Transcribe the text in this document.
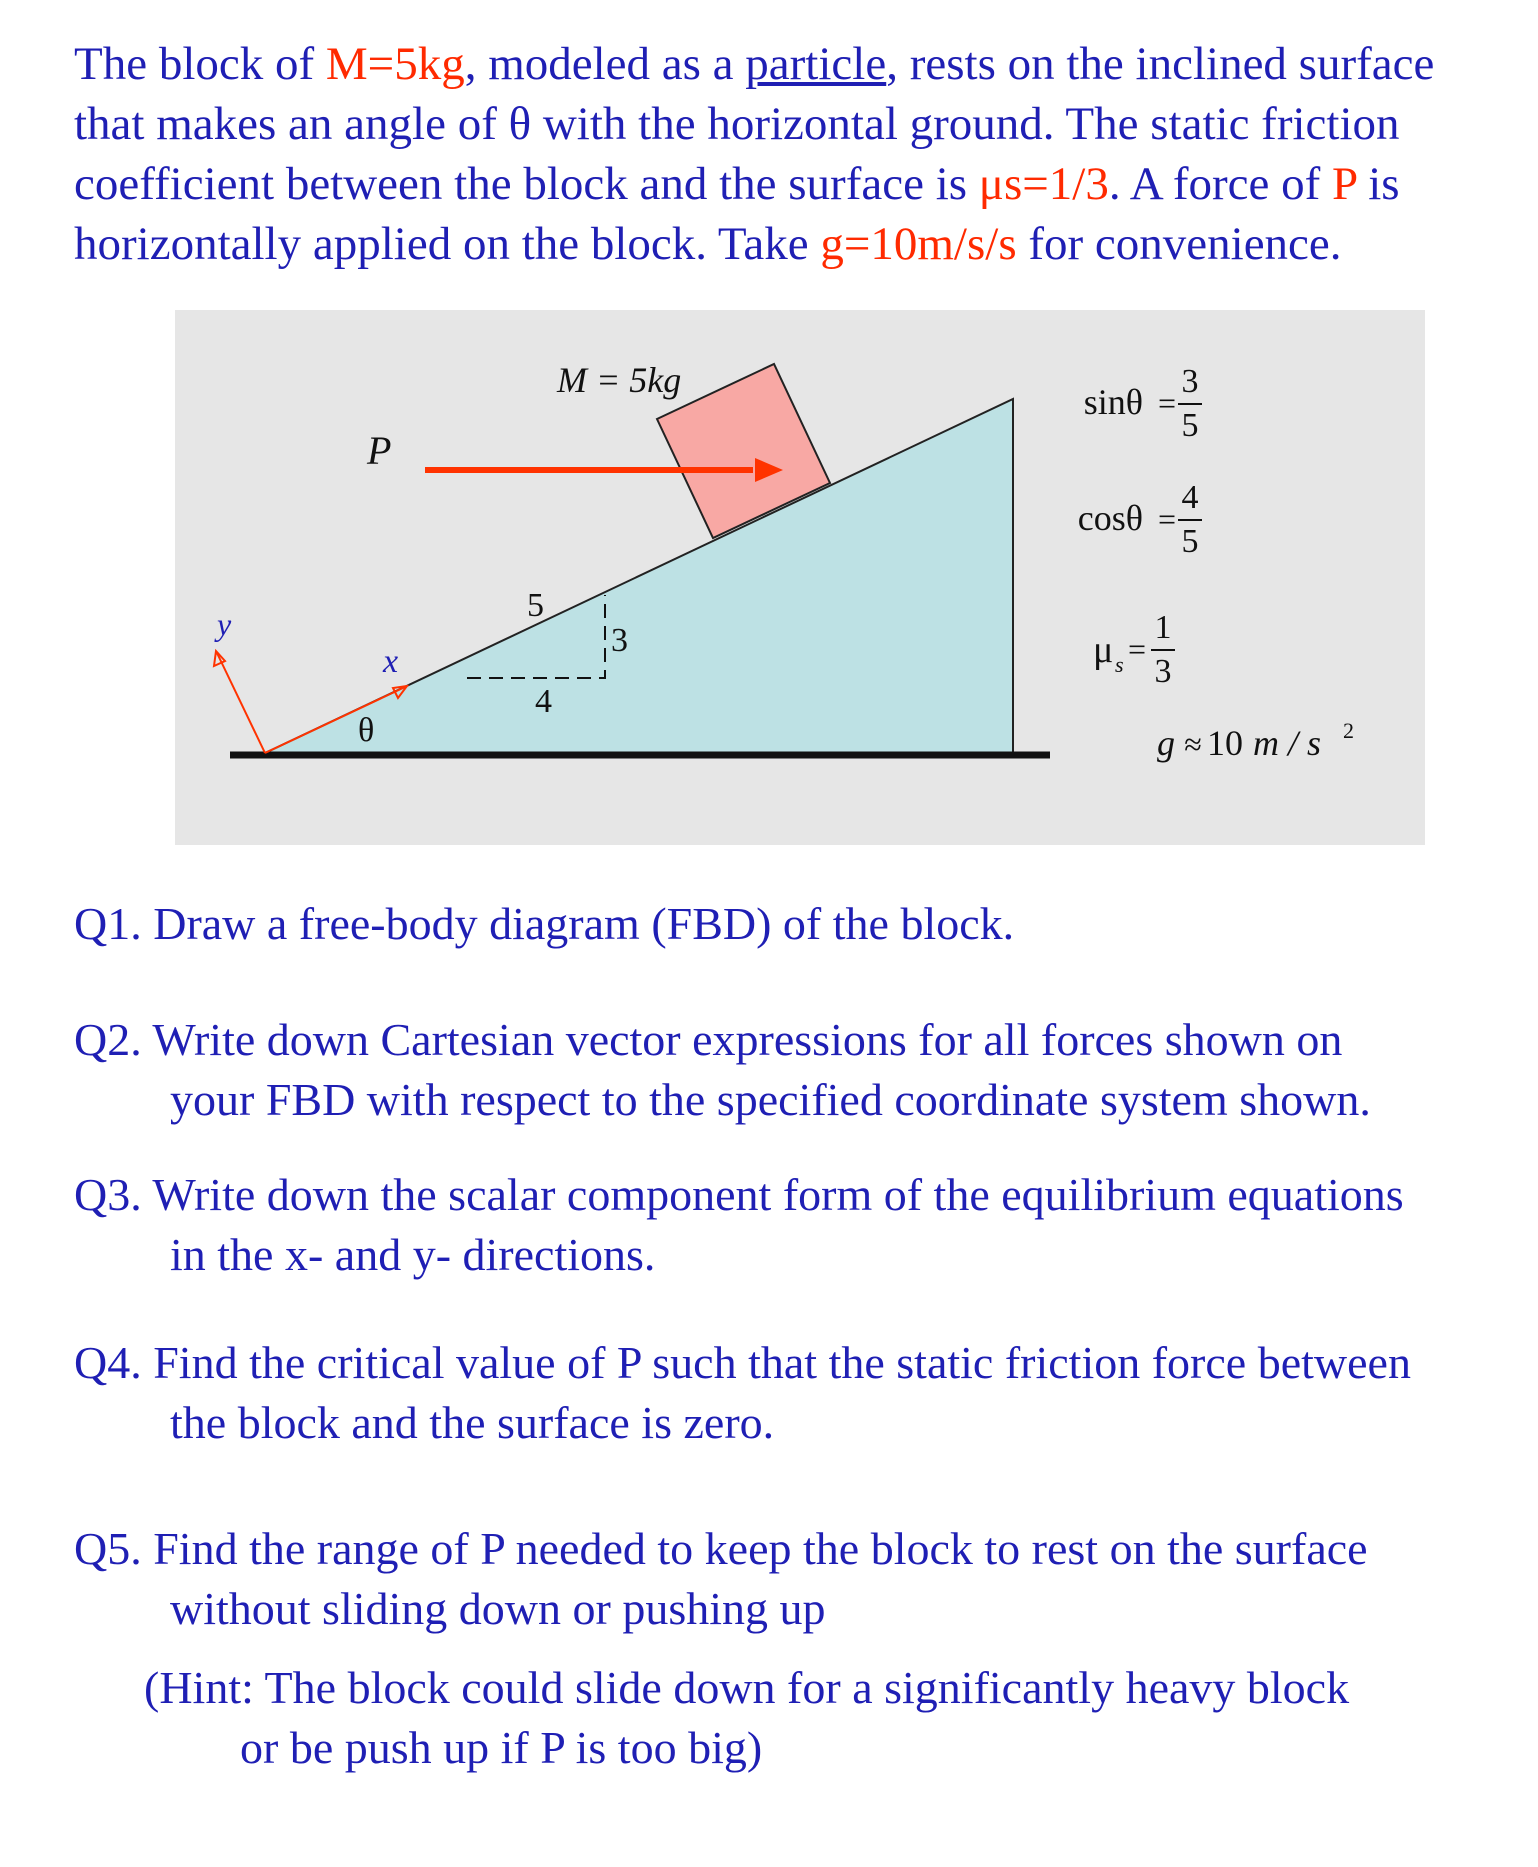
The block of M=5kg, modeled as a particle, rests on the inclined surface that makes an angle of θ with the horizontal ground. The static friction coefficient between the block and the surface is μs=1/3. A force of P is horizontally applied on the block. Take g=10m/s/s for convenience.

M = 5kg
P
y
x
θ
5
4
3
sinθ =
3
5
cosθ =
4
5
μ s =
1
3
g ≈ 10 m / s 2

Q1. Draw a free-body diagram (FBD) of the block.

Q2. Write down Cartesian vector expressions for all forces shown on
your FBD with respect to the specified coordinate system shown.

Q3. Write down the scalar component form of the equilibrium equations
in the x- and y- directions.

Q4. Find the critical value of P such that the static friction force between
the block and the surface is zero.

Q5. Find the range of P needed to keep the block to rest on the surface
without sliding down or pushing up

(Hint: The block could slide down for a significantly heavy block
or be push up if P is too big)
